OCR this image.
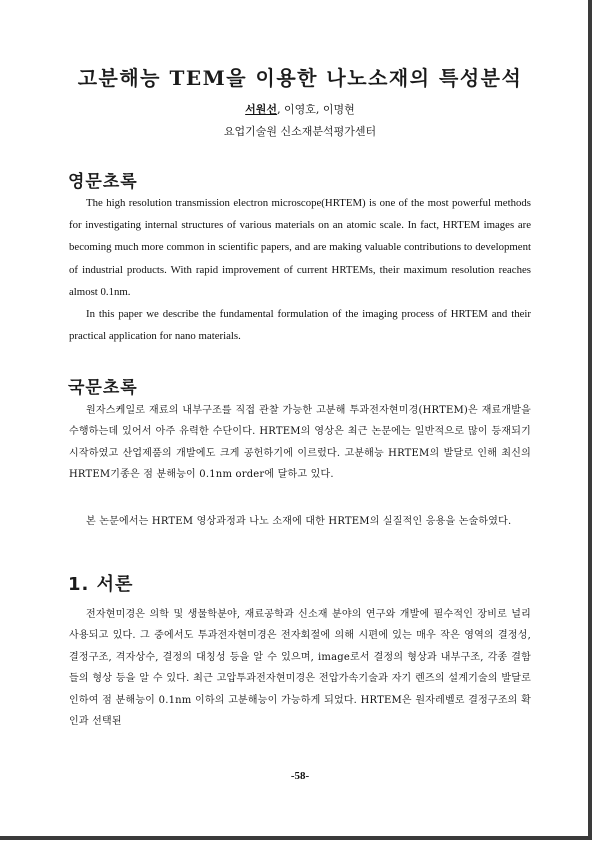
고분해능 TEM을 이용한 나노소재의 특성분석
서원선, 이영호, 이명현
요업기술원 신소재분석평가센터
영문초록

The high resolution transmission electron microscope(HRTEM) is one of the most powerful methods for investigating internal structures of various materials on an atomic scale. In fact, HRTEM images are becoming much more common in scientific papers, and are making valuable contributions to development of industrial products. With rapid improvement of current HRTEMs, their maximum resolution reaches almost 0.1nm.

In this paper we describe the fundamental formulation of the imaging process of HRTEM and their practical application for nano materials.

국문초록

원자스케일로 재료의 내부구조를 직접 관찰 가능한 고분해 투과전자현미경(HRTEM)은 재료개발을 수행하는데 있어서 아주 유력한 수단이다. HRTEM의 영상은 최근 논문에는 일반적으로 많이 등재되기 시작하였고 산업제품의 개발에도 크게 공헌하기에 이르렀다. 고분해능 HRTEM의 발달로 인해 최신의 HRTEM기종은 점 분해능이 0.1nm order에 달하고 있다.

본 논문에서는 HRTEM 영상과정과 나노 소재에 대한 HRTEM의 실질적인 응용을 논술하였다.

1. 서론

전자현미경은 의학 및 생물학분야, 재료공학과 신소재 분야의 연구와 개발에 필수적인 장비로 널리 사용되고 있다. 그 중에서도 투과전자현미경은 전자회절에 의해 시편에 있는 매우 작은 영역의 결정성, 결정구조, 격자상수, 결정의 대칭성 등을 알 수 있으며, image로서 결정의 형상과 내부구조, 각종 결함들의 형상 등을 알 수 있다. 최근 고압투과전자현미경은 전압가속기술과 자기 렌즈의 설계기술의 발달로 인하여 점 분해능이 0.1nm 이하의 고분해능이 가능하게 되었다. HRTEM은 원자레벨로 결정구조의 확인과 선택된

-58-
